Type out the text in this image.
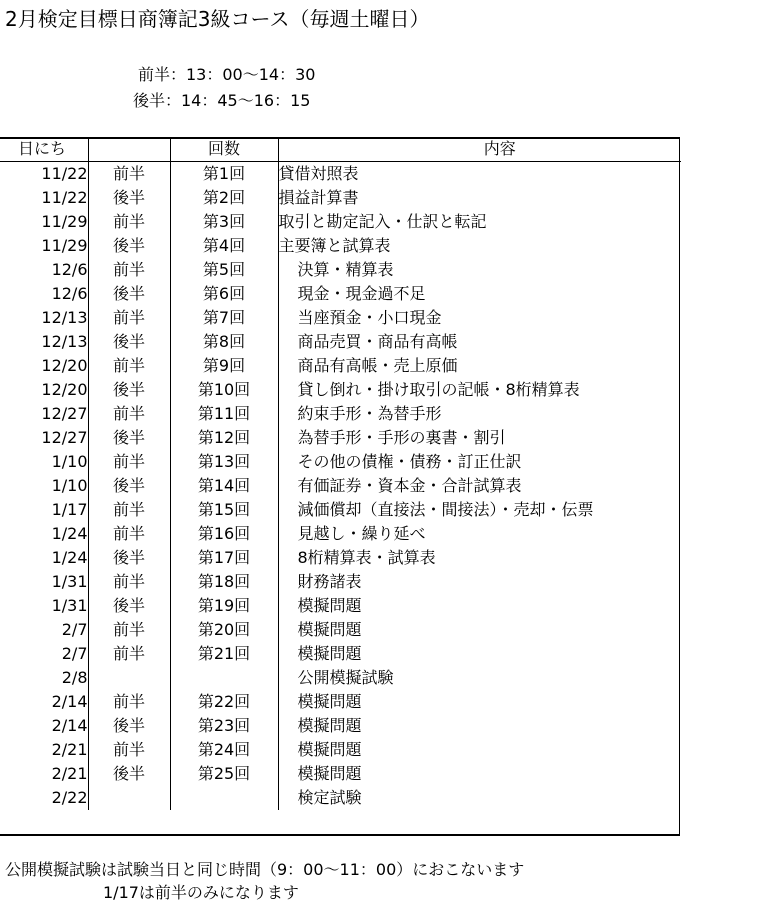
2月検定目標日商簿記3級コース（毎週土曜日）
前半：13：00～14：30
後半：14：45～16：15
日にち		回数	内容
11/22	前半	第1回	貸借対照表
11/22	後半	第2回	損益計算書
11/29	前半	第3回	取引と勘定記入・仕訳と転記
11/29	後半	第4回	主要簿と試算表
12/6	前半	第5回	決算・精算表
12/6	後半	第6回	現金・現金過不足
12/13	前半	第7回	当座預金・小口現金
12/13	後半	第8回	商品売買・商品有高帳
12/20	前半	第9回	商品有高帳・売上原価
12/20	後半	第10回	貸し倒れ・掛け取引の記帳・8桁精算表
12/27	前半	第11回	約束手形・為替手形
12/27	後半	第12回	為替手形・手形の裏書・割引
1/10	前半	第13回	その他の債権・債務・訂正仕訳
1/10	後半	第14回	有価証券・資本金・合計試算表
1/17	前半	第15回	減価償却（直接法・間接法）・売却・伝票
1/24	前半	第16回	見越し・繰り延べ
1/24	後半	第17回	8桁精算表・試算表
1/31	前半	第18回	財務諸表
1/31	後半	第19回	模擬問題
2/7	前半	第20回	模擬問題
2/7	前半	第21回	模擬問題
2/8			公開模擬試験
2/14	前半	第22回	模擬問題
2/14	後半	第23回	模擬問題
2/21	前半	第24回	模擬問題
2/21	後半	第25回	模擬問題
2/22			検定試験
公開模擬試験は試験当日と同じ時間（9：00～11：00）におこないます
1/17は前半のみになります
